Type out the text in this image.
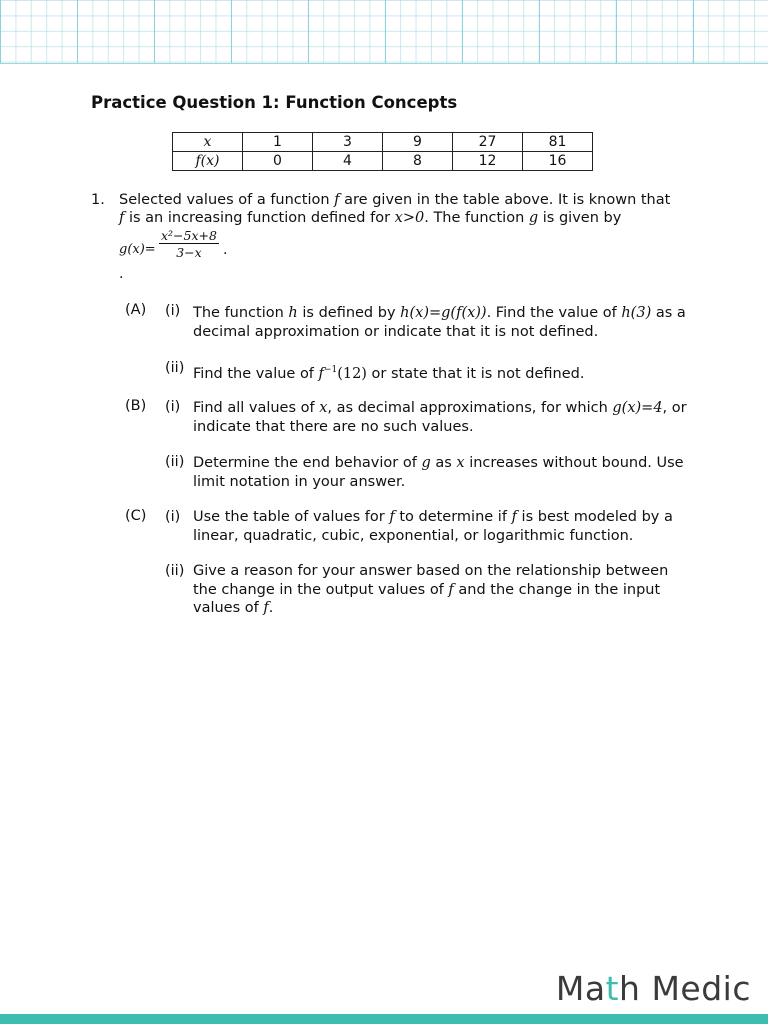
Practice Question 1: Function Concepts
x	1	3	9	27	81
f(x)	0	4	8	12	16
1. Selected values of a function f are given in the table above. It is known that f is an increasing function defined for x>0. The function g is given by
$g(x)= \frac{\text{x²−5x+8}}{3-x}$ .
.
(A) (i) The function h is defined by h(x)=g(f(x)). Find the value of h(3) as a decimal approximation or indicate that it is not defined.
(ii) Find the value of $f^{-1}(12)$ or state that it is not defined.
(B) (i) Find all values of x, as decimal approximations, for which g(x)=4, or indicate that there are no such values.
(ii) Determine the end behavior of g as x increases without bound. Use limit notation in your answer.
(C) (i) Use the table of values for f to determine if f is best modeled by a linear, quadratic, cubic, exponential, or logarithmic function.
(ii) Give a reason for your answer based on the relationship between the change in the output values of f and the change in the input values of f.
Math Medic
